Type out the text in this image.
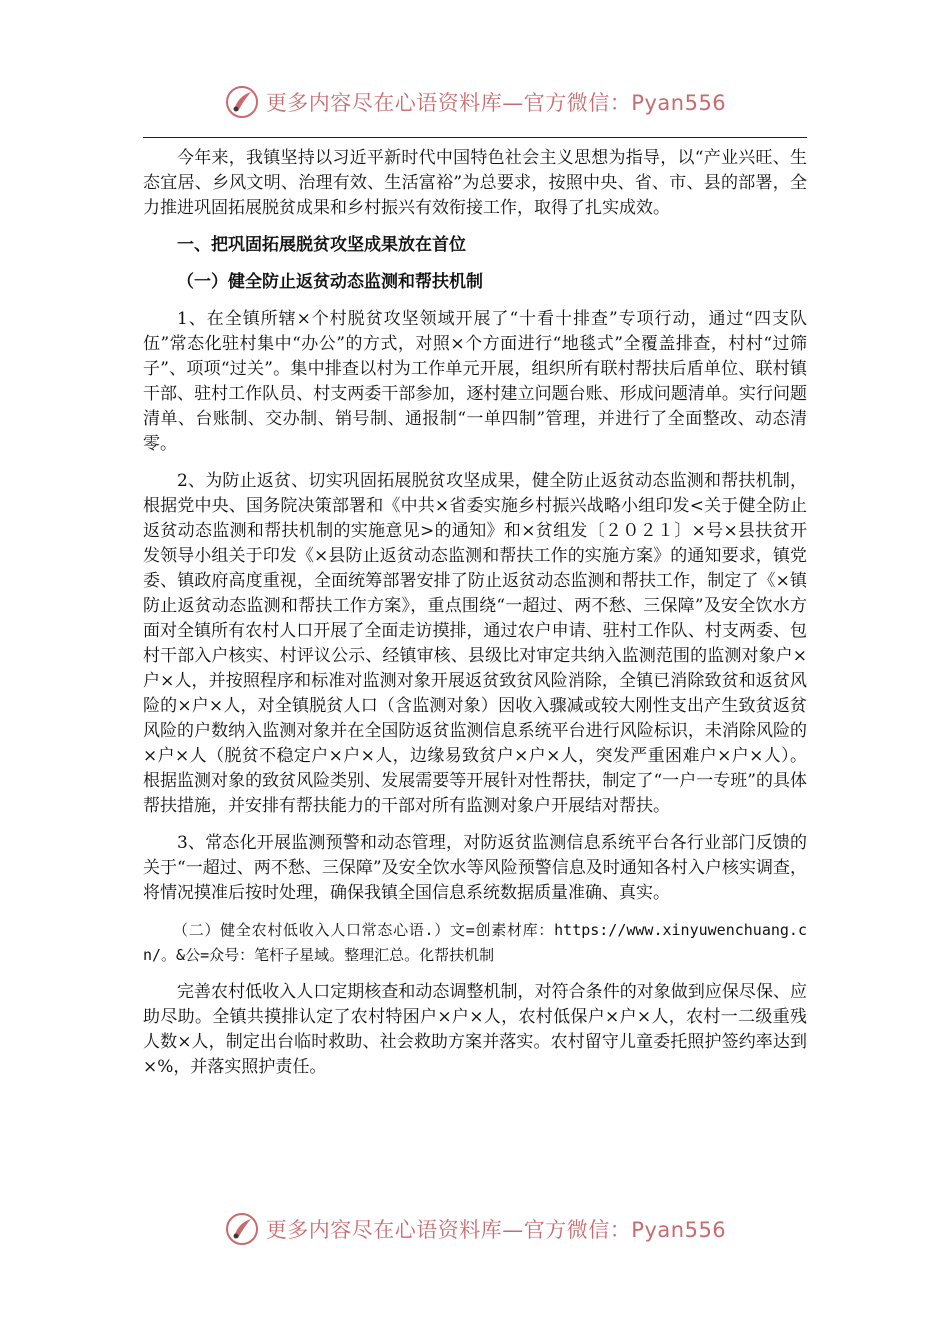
更多内容尽在心语资料库—官方微信：Pyan556

今年来，我镇坚持以习近平新时代中国特色社会主义思想为指导，以“产业兴旺、生态宜居、乡风文明、治理有效、生活富裕”为总要求，按照中央、省、市、县的部署，全力推进巩固拓展脱贫成果和乡村振兴有效衔接工作，取得了扎实成效。

一、把巩固拓展脱贫攻坚成果放在首位

（一）健全防止返贫动态监测和帮扶机制

1、在全镇所辖×个村脱贫攻坚领域开展了“十看十排查”专项行动，通过“四支队伍”常态化驻村集中“办公”的方式，对照×个方面进行“地毯式”全覆盖排查，村村“过筛子”、项项“过关”。集中排查以村为工作单元开展，组织所有联村帮扶后盾单位、联村镇干部、驻村工作队员、村支两委干部参加，逐村建立问题台账、形成问题清单。实行问题清单、台账制、交办制、销号制、通报制“一单四制”管理，并进行了全面整改、动态清零。

2、为防止返贫、切实巩固拓展脱贫攻坚成果，健全防止返贫动态监测和帮扶机制，根据党中央、国务院决策部署和《中共×省委实施乡村振兴战略小组印发<关于健全防止返贫动态监测和帮扶机制的实施意见>的通知》和×贫组发〔２０２１〕×号×县扶贫开发领导小组关于印发《×县防止返贫动态监测和帮扶工作的实施方案》的通知要求，镇党委、镇政府高度重视，全面统筹部署安排了防止返贫动态监测和帮扶工作，制定了《×镇防止返贫动态监测和帮扶工作方案》，重点围绕“一超过、两不愁、三保障”及安全饮水方面对全镇所有农村人口开展了全面走访摸排，通过农户申请、驻村工作队、村支两委、包村干部入户核实、村评议公示、经镇审核、县级比对审定共纳入监测范围的监测对象户×户×人，并按照程序和标准对监测对象开展返贫致贫风险消除，全镇已消除致贫和返贫风险的×户×人，对全镇脱贫人口（含监测对象）因收入骤减或较大刚性支出产生致贫返贫风险的户数纳入监测对象并在全国防返贫监测信息系统平台进行风险标识，未消除风险的×户×人（脱贫不稳定户×户×人，边缘易致贫户×户×人，突发严重困难户×户×人）。根据监测对象的致贫风险类别、发展需要等开展针对性帮扶，制定了“一户一专班”的具体帮扶措施，并安排有帮扶能力的干部对所有监测对象户开展结对帮扶。

3、常态化开展监测预警和动态管理，对防返贫监测信息系统平台各行业部门反馈的关于“一超过、两不愁、三保障”及安全饮水等风险预警信息及时通知各村入户核实调查，将情况摸准后按时处理，确保我镇全国信息系统数据质量准确、真实。

（二）健全农村低收入人口常态心语.）文=创素材库：https://www.xinyuwenchuang.cn/。&公=众号：笔杆子星域。整理汇总。化帮扶机制

完善农村低收入人口定期核查和动态调整机制，对符合条件的对象做到应保尽保、应助尽助。全镇共摸排认定了农村特困户×户×人，农村低保户×户×人，农村一二级重残人数×人，制定出台临时救助、社会救助方案并落实。农村留守儿童委托照护签约率达到×%，并落实照护责任。

更多内容尽在心语资料库—官方微信：Pyan556
